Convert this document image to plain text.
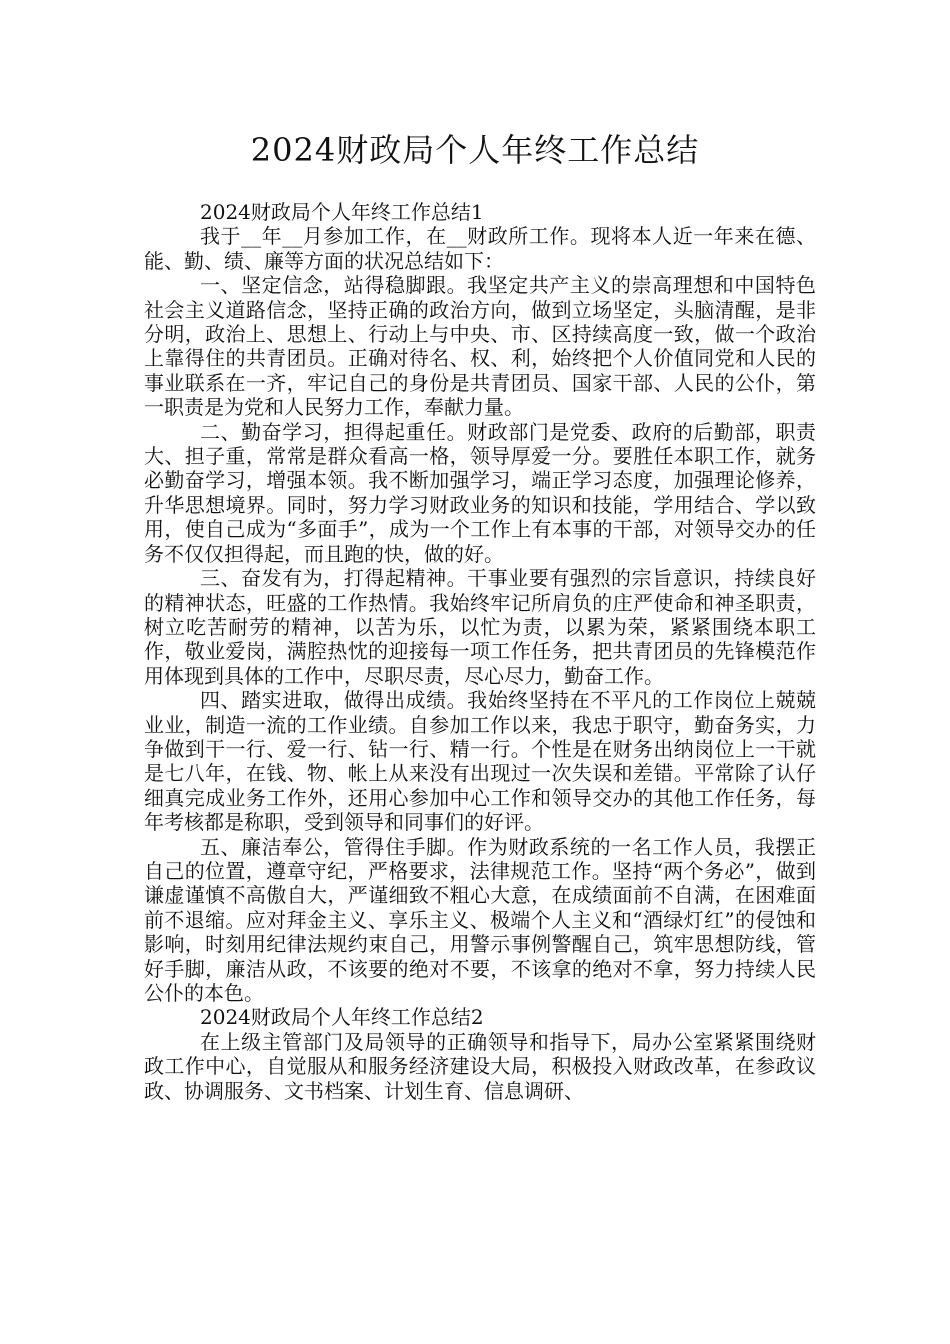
2024财政局个人年终工作总结

2024财政局个人年终工作总结1

我于__年__月参加工作，在__财政所工作。现将本人近一年来在德、能、勤、绩、廉等方面的状况总结如下：

一、坚定信念，站得稳脚跟。我坚定共产主义的崇高理想和中国特色社会主义道路信念，坚持正确的政治方向，做到立场坚定，头脑清醒，是非分明，政治上、思想上、行动上与中央、市、区持续高度一致，做一个政治上靠得住的共青团员。正确对待名、权、利，始终把个人价值同党和人民的事业联系在一齐，牢记自己的身份是共青团员、国家干部、人民的公仆，第一职责是为党和人民努力工作，奉献力量。

二、勤奋学习，担得起重任。财政部门是党委、政府的后勤部，职责大、担子重，常常是群众看高一格，领导厚爱一分。要胜任本职工作，就务必勤奋学习，增强本领。我不断加强学习，端正学习态度，加强理论修养，升华思想境界。同时，努力学习财政业务的知识和技能，学用结合、学以致用，使自己成为“多面手”，成为一个工作上有本事的干部，对领导交办的任务不仅仅担得起，而且跑的快，做的好。

三、奋发有为，打得起精神。干事业要有强烈的宗旨意识，持续良好的精神状态，旺盛的工作热情。我始终牢记所肩负的庄严使命和神圣职责，树立吃苦耐劳的精神，以苦为乐，以忙为责，以累为荣，紧紧围绕本职工作，敬业爱岗，满腔热忱的迎接每一项工作任务，把共青团员的先锋模范作用体现到具体的工作中，尽职尽责，尽心尽力，勤奋工作。

四、踏实进取，做得出成绩。我始终坚持在不平凡的工作岗位上兢兢业业，制造一流的工作业绩。自参加工作以来，我忠于职守，勤奋务实，力争做到干一行、爱一行、钻一行、精一行。个性是在财务出纳岗位上一干就是七八年，在钱、物、帐上从来没有出现过一次失误和差错。平常除了认仔细真完成业务工作外，还用心参加中心工作和领导交办的其他工作任务，每年考核都是称职，受到领导和同事们的好评。

五、廉洁奉公，管得住手脚。作为财政系统的一名工作人员，我摆正自己的位置，遵章守纪，严格要求，法律规范工作。坚持“两个务必”，做到谦虚谨慎不高傲自大，严谨细致不粗心大意，在成绩面前不自满，在困难面前不退缩。应对拜金主义、享乐主义、极端个人主义和“酒绿灯红”的侵蚀和影响，时刻用纪律法规约束自己，用警示事例警醒自己，筑牢思想防线，管好手脚，廉洁从政，不该要的绝对不要，不该拿的绝对不拿，努力持续人民公仆的本色。

2024财政局个人年终工作总结2

在上级主管部门及局领导的正确领导和指导下，局办公室紧紧围绕财政工作中心，自觉服从和服务经济建设大局，积极投入财政改革，在参政议政、协调服务、文书档案、计划生育、信息调研、
